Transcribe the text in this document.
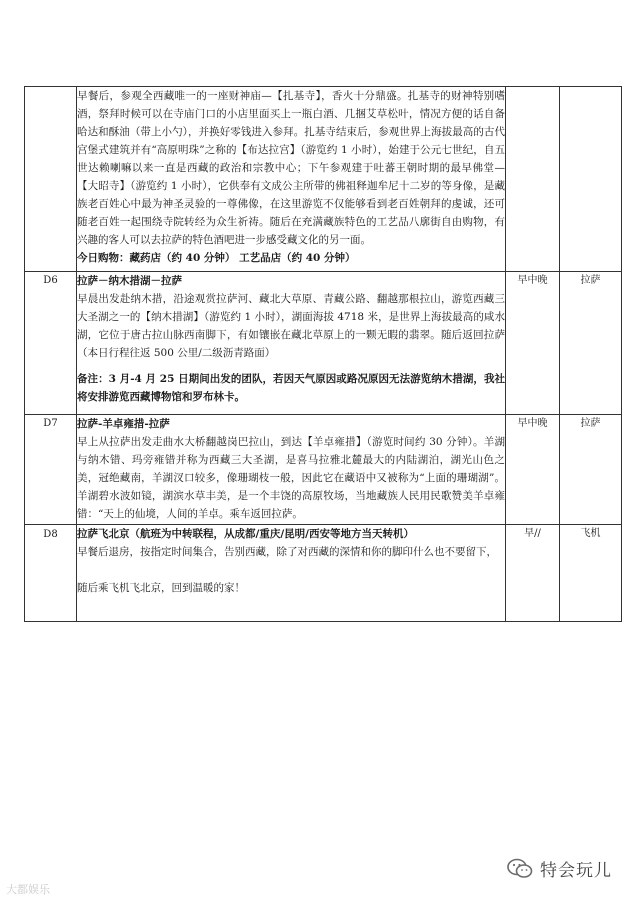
	早餐后，参观全西藏唯一的一座财神庙—【扎基寺】，香火十分鼎盛。扎基寺的财神特别嗜酒，祭拜时候可以在寺庙门口的小店里面买上一瓶白酒、几捆艾草松叶，情况方便的话自备哈达和酥油（带上小勺），并换好零钱进入参拜。扎基寺结束后，参观世界上海拔最高的古代宫堡式建筑并有“高原明珠”之称的【布达拉宫】（游览约 1 小时），始建于公元七世纪，自五世达赖喇嘛以来一直是西藏的政治和宗教中心；下午参观建于吐蕃王朝时期的最早佛堂—【大昭寺】（游览约 1 小时），它供奉有文成公主所带的佛祖释迦牟尼十二岁的等身像，是藏族老百姓心中最为神圣灵验的一尊佛像，在这里游览不仅能够看到老百姓朝拜的虔诚，还可随老百姓一起围绕寺院转经为众生祈祷。随后在充满藏族特色的工艺品八廓街自由购物，有兴趣的客人可以去拉萨的特色酒吧进一步感受藏文化的另一面。

今日购物：藏药店（约 40 分钟） 工艺品店（约 40 分钟）		

D6	拉萨－纳木措湖－拉萨

早晨出发赴纳木措，沿途观赏拉萨河、藏北大草原、青藏公路、翻越那根拉山，游览西藏三大圣湖之一的【纳木措湖】（游览约 1 小时），湖面海拔 4718 米，是世界上海拔最高的咸水湖，它位于唐古拉山脉西南脚下，有如镶嵌在藏北草原上的一颗无暇的翡翠。随后返回拉萨（本日行程往返 500 公里/二级沥青路面）

备注：3 月-4 月 25 日期间出发的团队，若因天气原因或路况原因无法游览纳木措湖，我社将安排游览西藏博物馆和罗布林卡。	早中晚	拉萨
D7	拉萨-羊卓雍措-拉萨

早上从拉萨出发走曲水大桥翻越岗巴拉山，到达【羊卓雍措】（游览时间约 30 分钟）。羊湖与纳木错、玛旁雍错并称为西藏三大圣湖，是喜马拉雅北麓最大的内陆湖泊，湖光山色之美，冠绝藏南，羊湖汊口较多，像珊瑚枝一般，因此它在藏语中又被称为“上面的珊瑚湖”。羊湖碧水波如镜，湖滨水草丰美，是一个丰饶的高原牧场，当地藏族人民用民歌赞美羊卓雍错：“天上的仙境，人间的羊卓。乘车返回拉萨。	早中晚	拉萨
D8	拉萨飞北京（航班为中转联程，从成都/重庆/昆明/西安等地方当天转机）

早餐后退房，按指定时间集合，告别西藏，除了对西藏的深情和你的脚印什么也不要留下，

随后乘飞机飞北京，回到温暖的家！	早//	飞机
大都娱乐
特会玩儿
